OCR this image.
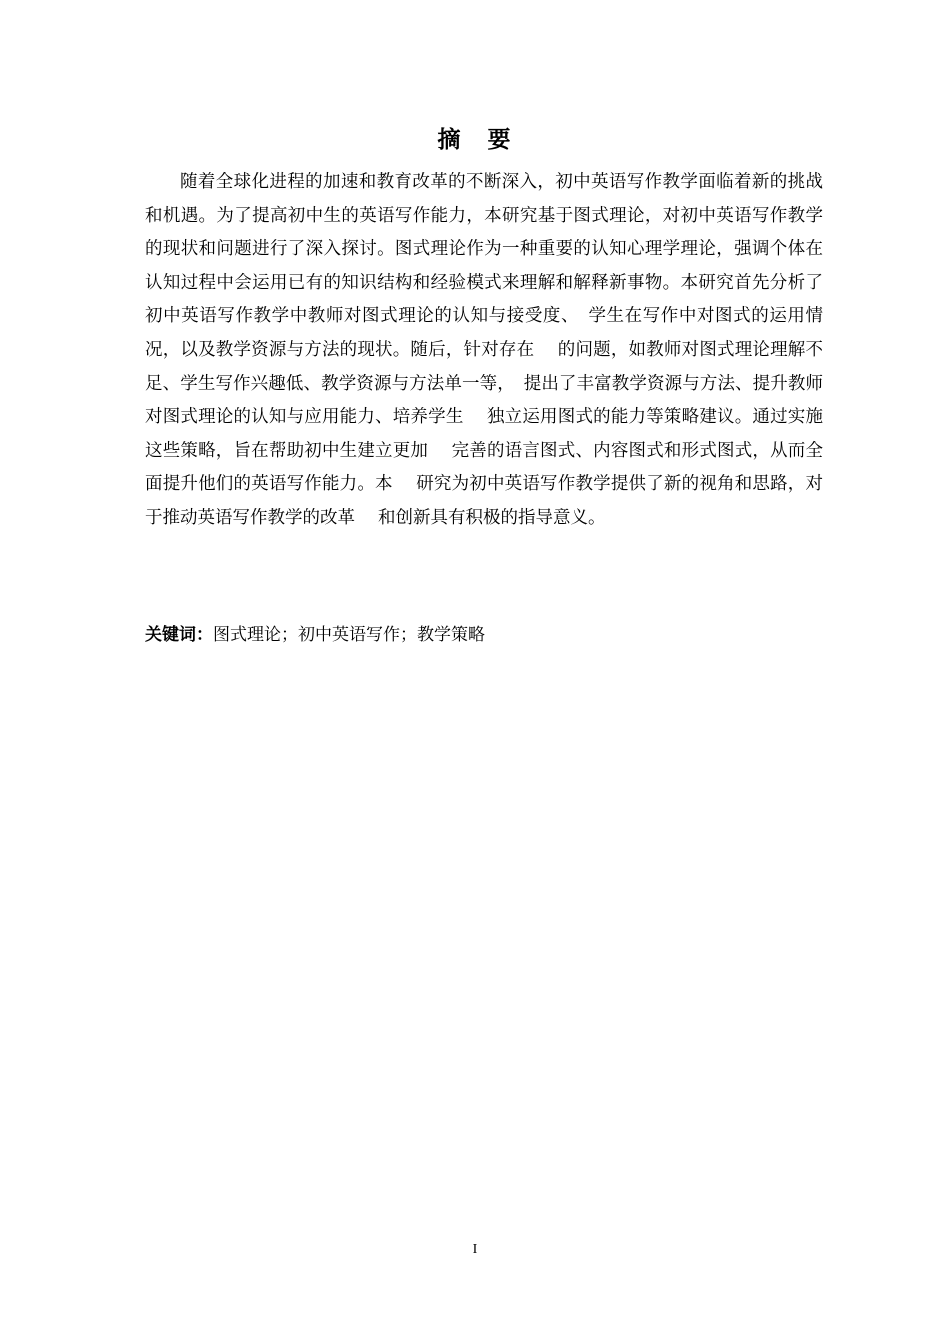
摘　要

随着全球化进程的加速和教育改革的不断深入，初中英语写作教学面临着新的挑战和机遇。为了提高初中生的英语写作能力，本研究基于图式理论，对初中英语写作教学的现状和问题进行了深入探讨。图式理论作为一种重要的认知心理学理论，强调个体在认知过程中会运用已有的知识结构和经验模式来理解和解释新事物。本研究首先分析了初中英语写作教学中教师对图式理论的认知与接受度、　学生在写作中对图式的运用情况，以及教学资源与方法的现状。随后，针对存在　 的问题，如教师对图式理论理解不足、学生写作兴趣低、教学资源与方法单一等，　提出了丰富教学资源与方法、提升教师对图式理论的认知与应用能力、培养学生　 独立运用图式的能力等策略建议。通过实施这些策略，旨在帮助初中生建立更加　 完善的语言图式、内容图式和形式图式，从而全面提升他们的英语写作能力。本　 研究为初中英语写作教学提供了新的视角和思路，对于推动英语写作教学的改革　 和创新具有积极的指导意义。

关键词：图式理论；初中英语写作；教学策略
I
